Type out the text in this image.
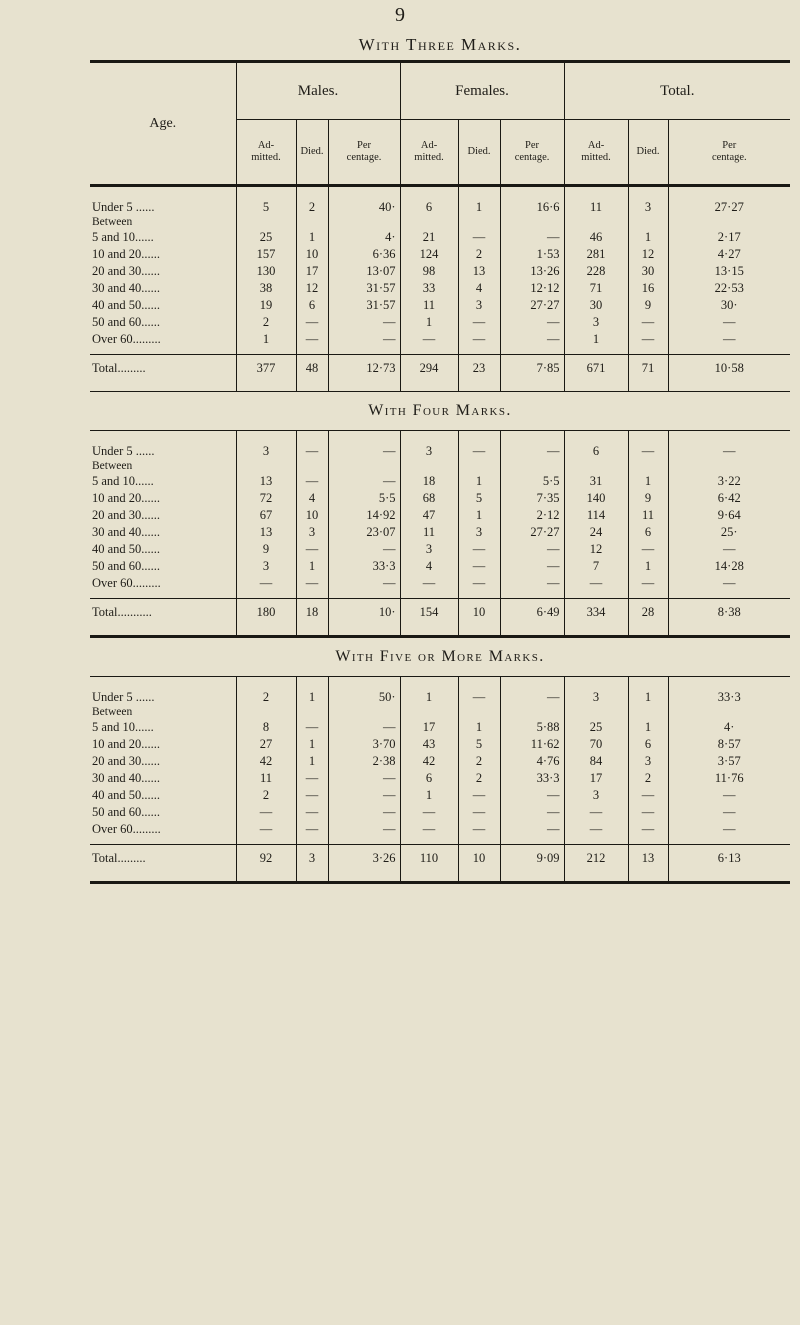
9
With Three Marks.
Age.	Males.			Females.			Total.		
	Ad-
mitted.	Died.	Per
centage.	Ad-
mitted.	Died.	Per
centage.	Ad-
mitted.	Died.	Per
centage.

Under 5 ......	5	2	40·	6	1	16·6	11	3	27·27
Between									
5 and 10......	25	1	4·	21	—	—	46	1	2·17
10 and 20......	157	10	6·36	124	2	1·53	281	12	4·27
20 and 30......	130	17	13·07	98	13	13·26	228	30	13·15
30 and 40......	38	12	31·57	33	4	12·12	71	16	22·53
40 and 50......	19	6	31·57	11	3	27·27	30	9	30·
50 and 60......	2	—	—	1	—	—	3	—	—
Over 60.........	1	—	—	—	—	—	1	—	—

Total.........	377	48	12·73	294	23	7·85	671	71	10·58

With Four Marks.

Under 5 ......	3	—	—	3	—	—	6	—	—
Between									
5 and 10......	13	—	—	18	1	5·5	31	1	3·22
10 and 20......	72	4	5·5	68	5	7·35	140	9	6·42
20 and 30......	67	10	14·92	47	1	2·12	114	11	9·64
30 and 40......	13	3	23·07	11	3	27·27	24	6	25·
40 and 50......	9	—	—	3	—	—	12	—	—
50 and 60......	3	1	33·3	4	—	—	7	1	14·28
Over 60.........	—	—	—	—	—	—	—	—	—

Total...........	180	18	10·	154	10	6·49	334	28	8·38

With Five or More Marks.

Under 5 ......	2	1	50·	1	—	—	3	1	33·3
Between									
5 and 10......	8	—	—	17	1	5·88	25	1	4·
10 and 20......	27	1	3·70	43	5	11·62	70	6	8·57
20 and 30......	42	1	2·38	42	2	4·76	84	3	3·57
30 and 40......	11	—	—	6	2	33·3	17	2	11·76
40 and 50......	2	—	—	1	—	—	3	—	—
50 and 60......	—	—	—	—	—	—	—	—	—
Over 60.........	—	—	—	—	—	—	—	—	—

Total.........	92	3	3·26	110	10	9·09	212	13	6·13
